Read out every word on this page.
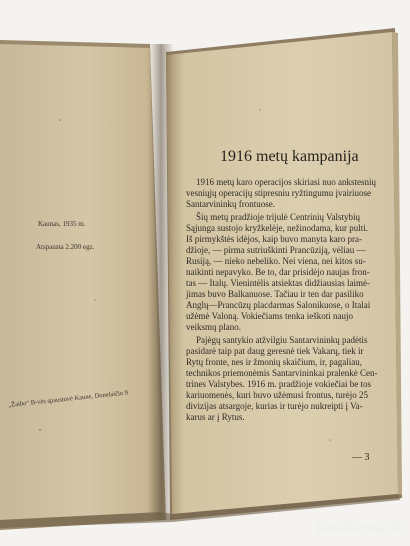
Kaunas, 1935 m.
Atspausta 2.200 egz.
„Žaibo“ B-vės spaustuvė Kaune, Donelaičio 9
1916 metų kampanija
1916 metų karo operacijos skiriasi nuo ankstesnių
vesniųjų operacijų stipresniu ryžtingumu įvairiuose
Santarvininkų frontuose.
Šių metų pradžioje trijulė Centrinių Valstybių
Sąjunga sustojo kryžkelėje, nežinodama, kur pulti.
Iš pirmykštės idėjos, kaip buvo manyta karo pra-
džioje, — pirma sutriuškinti Prancūziją, vėliau —
Rusiją, — nieko nebeliko. Nei viena, nei kitos su-
naikinti nepavyko. Be to, dar prisidėjo naujas fron-
tas — Italų. Vienintėlis atsiektas didžiausias laimė-
jimas buvo Balkanuose. Tačiau ir ten dar pasiliko
Anglų—Prancūzų placdarmas Salonikuose, o Italai
užėmė Valoną. Vokiečiams tenka ieškoti naujo
veiksmų plano.
Pajėgų santykio atžvilgiu Santarvininkų padėtis
pasidarė taip pat daug geresnė tiek Vakarų, tiek ir
Rytų fronte, nes ir žmonių skaičium, ir, pagaliau,
technikos priemonėmis Santarvininkai pralenkė Cen-
trines Valstybes. 1916 m. pradžioje vokiečiai be tos
kariuomenės, kuri buvo užėmusi frontus, turėjo 25
divizijas atsargoje, kurias ir turėjo nukreipti į Va-
karus ar į Rytus.
— 3
skelbimai.lt
